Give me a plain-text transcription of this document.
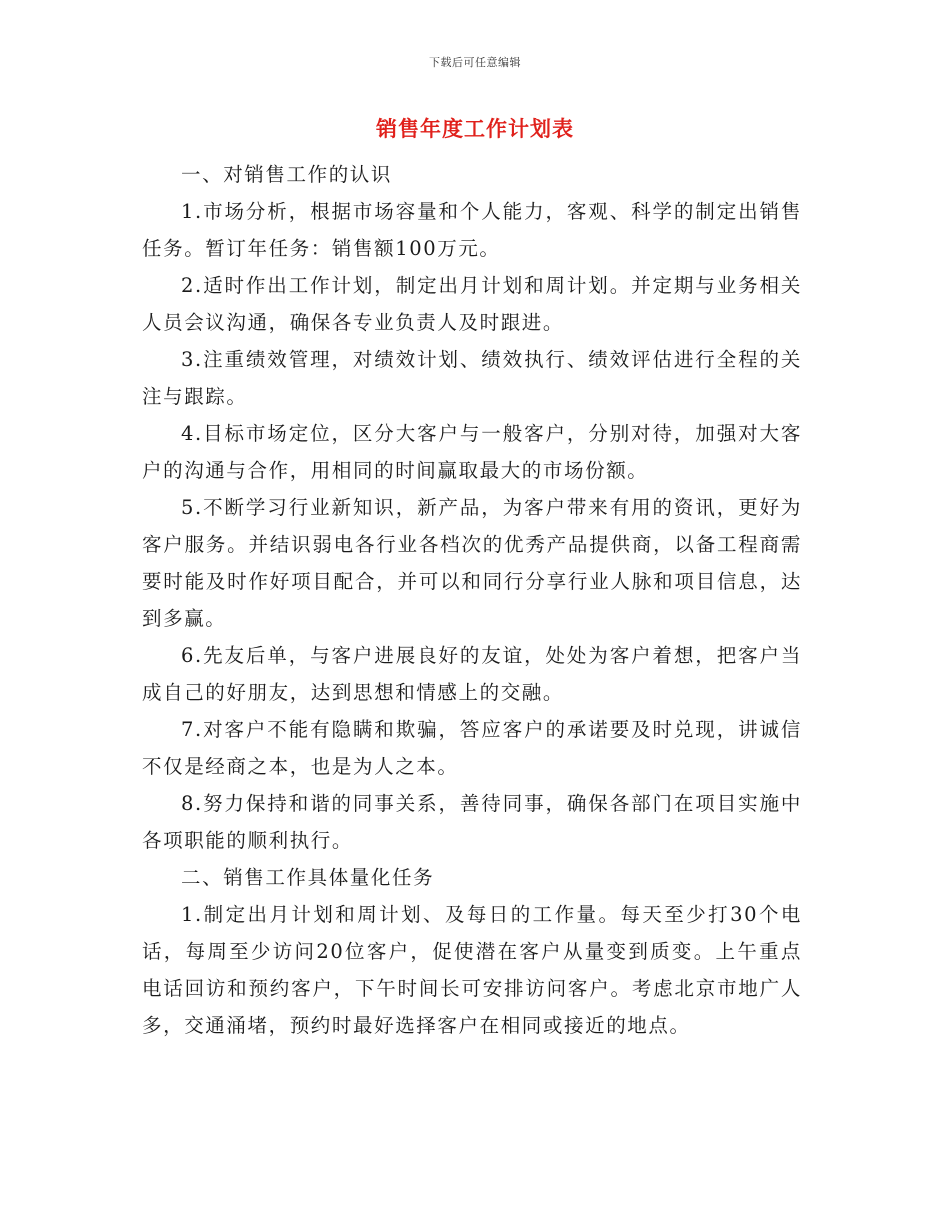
下载后可任意编辑
销售年度工作计划表

一、对销售工作的认识

1.市场分析，根据市场容量和个人能力，客观、科学的制定出销售任务。暂订年任务：销售额100万元。

2.适时作出工作计划，制定出月计划和周计划。并定期与业务相关人员会议沟通，确保各专业负责人及时跟进。

3.注重绩效管理，对绩效计划、绩效执行、绩效评估进行全程的关注与跟踪。

4.目标市场定位，区分大客户与一般客户，分别对待，加强对大客户的沟通与合作，用相同的时间赢取最大的市场份额。

5.不断学习行业新知识，新产品，为客户带来有用的资讯，更好为客户服务。并结识弱电各行业各档次的优秀产品提供商，以备工程商需要时能及时作好项目配合，并可以和同行分享行业人脉和项目信息，达到多赢。

6.先友后单，与客户进展良好的友谊，处处为客户着想，把客户当成自己的好朋友，达到思想和情感上的交融。

7.对客户不能有隐瞒和欺骗，答应客户的承诺要及时兑现，讲诚信不仅是经商之本，也是为人之本。

8.努力保持和谐的同事关系，善待同事，确保各部门在项目实施中各项职能的顺利执行。

二、销售工作具体量化任务

1.制定出月计划和周计划、及每日的工作量。每天至少打30个电话，每周至少访问20位客户，促使潜在客户从量变到质变。上午重点电话回访和预约客户，下午时间长可安排访问客户。考虑北京市地广人多，交通涌堵，预约时最好选择客户在相同或接近的地点。
